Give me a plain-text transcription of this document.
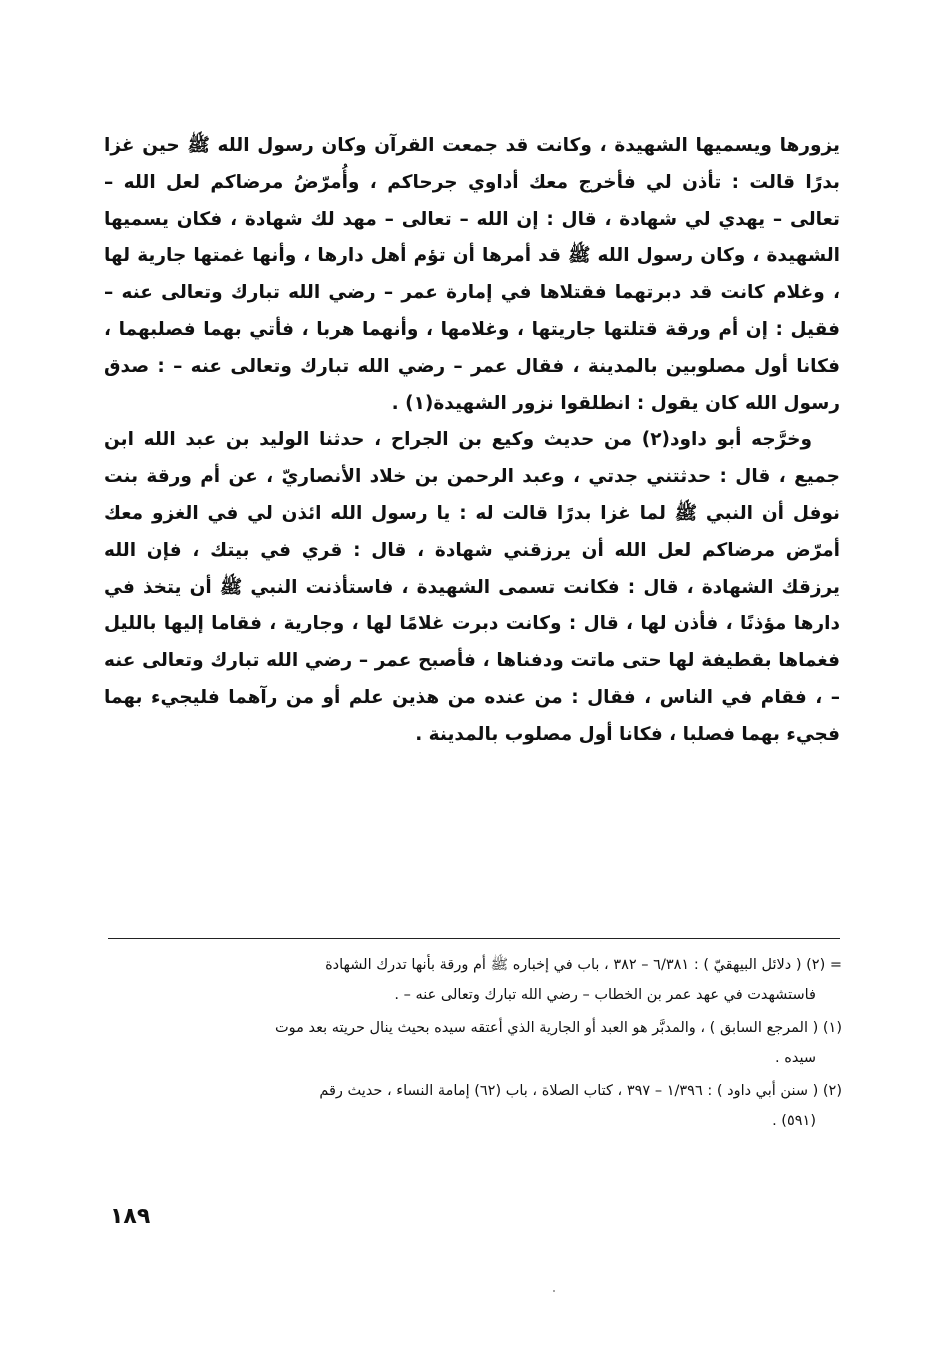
يزورها ويسميها الشهيدة ، وكانت قد جمعت القرآن وكان رسول الله ﷺ حين غزا بدرًا قالت : تأذن لي فأخرج معك أداوي جرحاكم ، وأُمرّضُ مرضاكم لعل الله – تعالى – يهدي لي شهادة ، قال : إن الله – تعالى – مهد لك شهادة ، فكان يسميها الشهيدة ، وكان رسول الله ﷺ قد أمرها أن تؤم أهل دارها ، وأنها غمتها جارية لها ، وغلام كانت قد دبرتهما فقتلاها في إمارة عمر – رضي الله تبارك وتعالى عنه – فقيل : إن أم ورقة قتلتها جاريتها ، وغلامها ، وأنهما هربا ، فأتي بهما فصلبهما ، فكانا أول مصلوبين بالمدينة ، فقال عمر – رضي الله تبارك وتعالى عنه – : صدق رسول الله كان يقول : انطلقوا نزور الشهيدة(١) .

وخرَّجه أبو داود(٢) من حديث وكيع بن الجراح ، حدثنا الوليد بن عبد الله ابن جميع ، قال : حدثتني جدتي ، وعبد الرحمن بن خلاد الأنصاريّ ، عن أم ورقة بنت نوفل أن النبي ﷺ لما غزا بدرًا قالت له : يا رسول الله ائذن لي في الغزو معك أمرّض مرضاكم لعل الله أن يرزقني شهادة ، قال : قري في بيتك ، فإن الله يرزقك الشهادة ، قال : فكانت تسمى الشهيدة ، فاستأذنت النبي ﷺ أن يتخذ في دارها مؤذنًا ، فأذن لها ، قال : وكانت دبرت غلامًا لها ، وجارية ، فقاما إليها بالليل فغماها بقطيفة لها حتى ماتت ودفناها ، فأصبح عمر – رضي الله تبارك وتعالى عنه – ، فقام في الناس ، فقال : من عنده من هذين علم أو من رآهما فليجيء بهما فجيء بهما فصلبا ، فكانا أول مصلوب بالمدينة .

= (٢) ( دلائل البيهقيّ ) : ٦/٣٨١ – ٣٨٢ ، باب في إخباره ﷺ أم ورقة بأنها تدرك الشهادة
فاستشهدت في عهد عمر بن الخطاب – رضي الله تبارك وتعالى عنه – .

(١) ( المرجع السابق ) ، والمدبَّر هو العبد أو الجارية الذي أعتقه سيده بحيث ينال حريته بعد موت
سيده .

(٢) ( سنن أبي داود ) : ١/٣٩٦ – ٣٩٧ ، كتاب الصلاة ، باب (٦٢) إمامة النساء ، حديث رقم
(٥٩١) .

١٨٩
